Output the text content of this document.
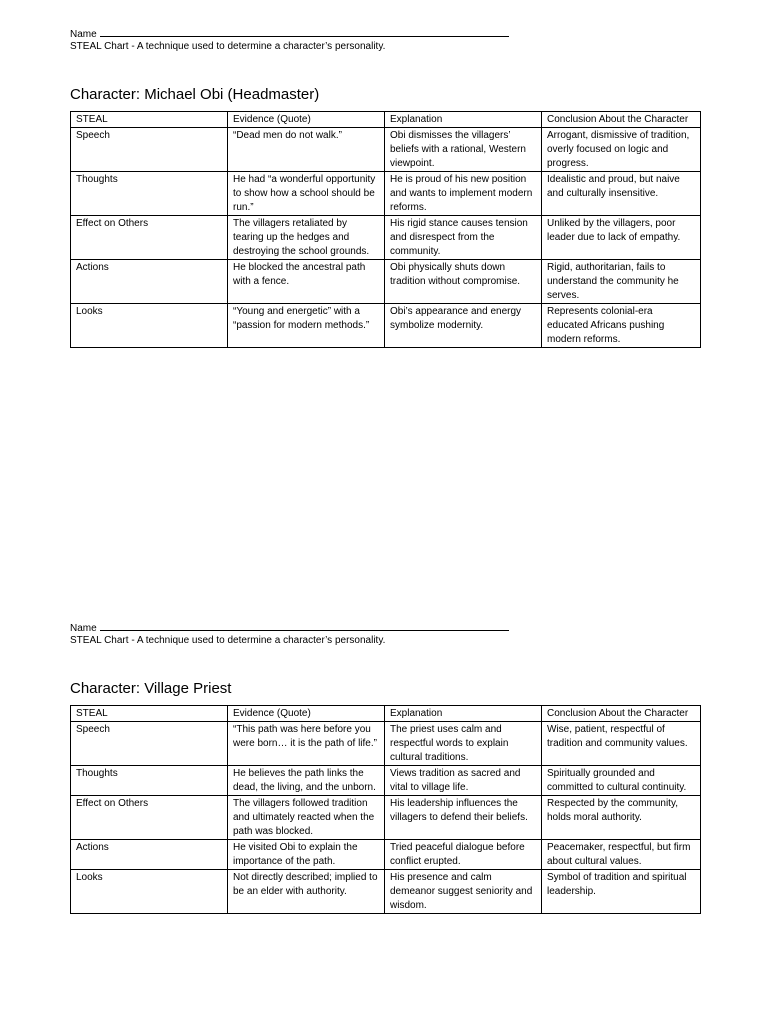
Name
STEAL Chart - A technique used to determine a character’s personality.
Character: Michael Obi (Headmaster)
STEAL	Evidence (Quote)	Explanation	Conclusion About the Character
Speech	“Dead men do not walk.”	Obi dismisses the villagers’ beliefs with a rational, Western viewpoint.	Arrogant, dismissive of tradition, overly focused on logic and progress.
Thoughts	He had “a wonderful opportunity to show how a school should be run.”	He is proud of his new position and wants to implement modern reforms.	Idealistic and proud, but naive and culturally insensitive.
Effect on Others	The villagers retaliated by tearing up the hedges and destroying the school grounds.	His rigid stance causes tension and disrespect from the community.	Unliked by the villagers, poor leader due to lack of empathy.
Actions	He blocked the ancestral path with a fence.	Obi physically shuts down tradition without compromise.	Rigid, authoritarian, fails to understand the community he serves.
Looks	“Young and energetic” with a “passion for modern methods.”	Obi’s appearance and energy symbolize modernity.	Represents colonial-era educated Africans pushing modern reforms.
Name
STEAL Chart - A technique used to determine a character’s personality.
Character: Village Priest
STEAL	Evidence (Quote)	Explanation	Conclusion About the Character
Speech	“This path was here before you were born… it is the path of life.”	The priest uses calm and respectful words to explain cultural traditions.	Wise, patient, respectful of tradition and community values.
Thoughts	He believes the path links the dead, the living, and the unborn.	Views tradition as sacred and vital to village life.	Spiritually grounded and committed to cultural continuity.
Effect on Others	The villagers followed tradition and ultimately reacted when the path was blocked.	His leadership influences the villagers to defend their beliefs.	Respected by the community, holds moral authority.
Actions	He visited Obi to explain the importance of the path.	Tried peaceful dialogue before conflict erupted.	Peacemaker, respectful, but firm about cultural values.
Looks	Not directly described; implied to be an elder with authority.	His presence and calm demeanor suggest seniority and wisdom.	Symbol of tradition and spiritual leadership.
